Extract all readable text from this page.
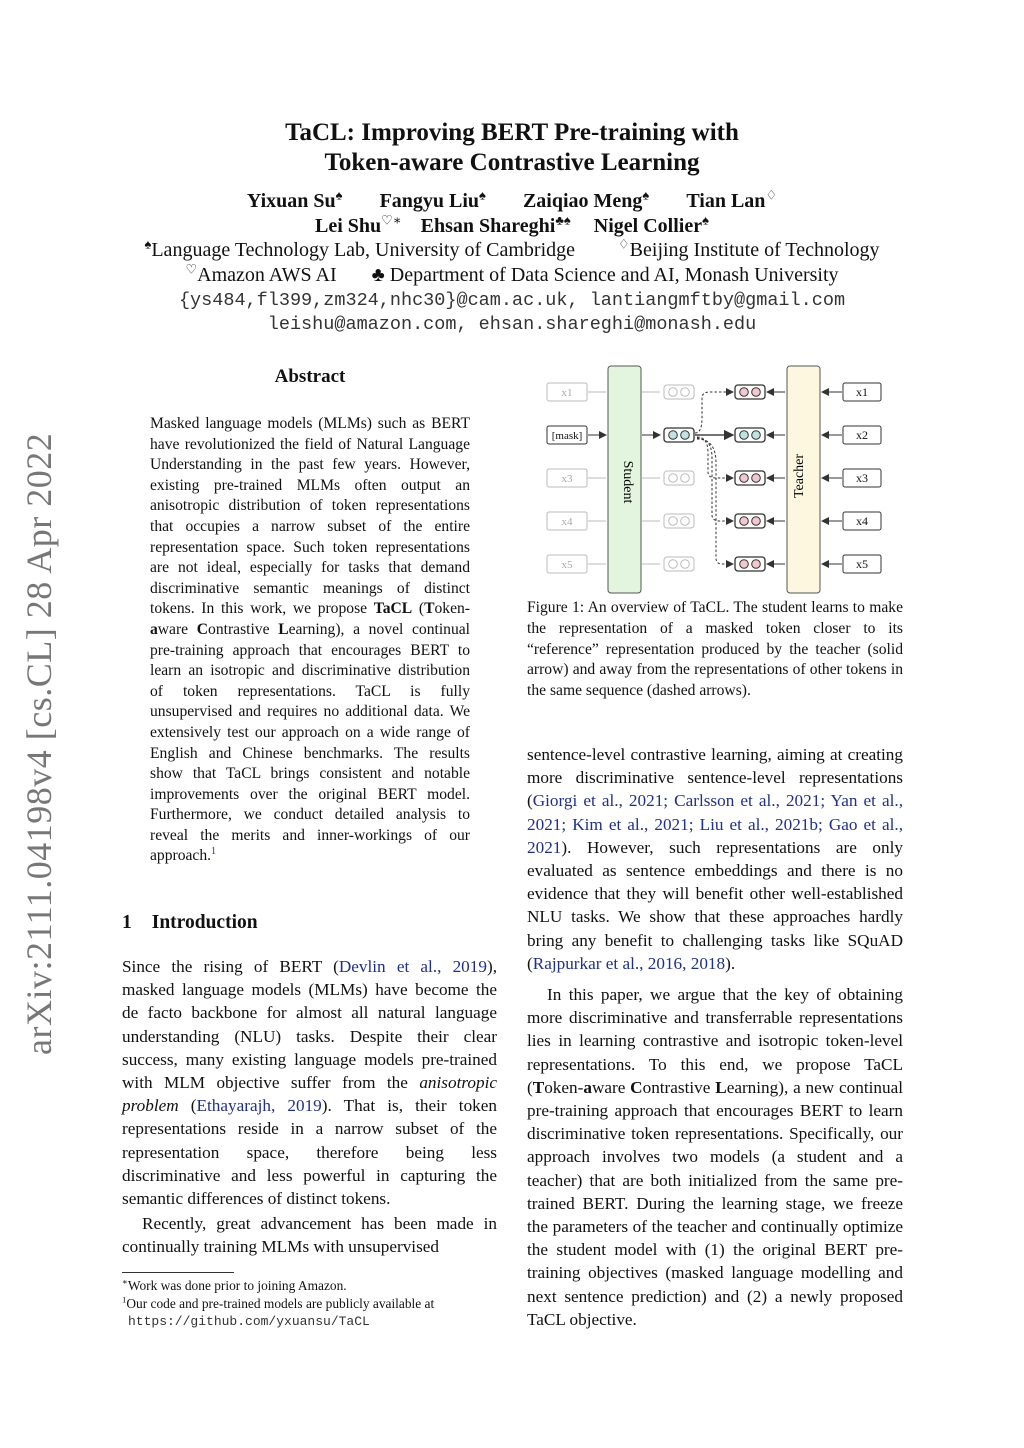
TaCL: Improving BERT Pre-training with
Token-aware Contrastive Learning
Yixuan Su♠ Fangyu Liu♠ Zaiqiao Meng♠ Tian Lan♢
Lei Shu♡∗ Ehsan Shareghi♣♠ Nigel Collier♠
♠Language Technology Lab, University of Cambridge	♢Beijing Institute of Technology
♡Amazon AWS AI ♣ Department of Data Science and AI, Monash University
{ys484,fl399,zm324,nhc30}@cam.ac.uk, lantiangmftby@gmail.com
leishu@amazon.com, ehsan.shareghi@monash.edu
arXiv:2111.04198v4 [cs.CL] 28 Apr 2022
Abstract
Masked language models (MLMs) such as BERT have revolutionized the field of Natural Language Understanding in the past few years. However, existing pre-trained MLMs often output an anisotropic distribution of token representations that occupies a narrow subset of the entire representation space. Such token representations are not ideal, especially for tasks that demand discriminative semantic meanings of distinct tokens. In this work, we propose TaCL (Token-aware Contrastive Learning), a novel continual pre-training approach that encourages BERT to learn an isotropic and discriminative distribution of token representations. TaCL is fully unsupervised and requires no additional data. We extensively test our approach on a wide range of English and Chinese benchmarks. The results show that TaCL brings consistent and notable improvements over the original BERT model. Furthermore, we conduct detailed analysis to reveal the merits and inner-workings of our approach.$^1$
1 Introduction

Since the rising of BERT (Devlin et al., 2019), masked language models (MLMs) have become the de facto backbone for almost all natural language understanding (NLU) tasks. Despite their clear success, many existing language models pre-trained with MLM objective suffer from the anisotropic problem (Ethayarajh, 2019). That is, their token representations reside in a narrow subset of the representation space, therefore being less discriminative and less powerful in capturing the semantic differences of distinct tokens.

Recently, great advancement has been made in continually training MLMs with unsupervised

sentence-level contrastive learning, aiming at creating more discriminative sentence-level representations (Giorgi et al., 2021; Carlsson et al., 2021; Yan et al., 2021; Kim et al., 2021; Liu et al., 2021b; Gao et al., 2021). However, such representations are only evaluated as sentence embeddings and there is no evidence that they will benefit other well-established NLU tasks. We show that these approaches hardly bring any benefit to challenging tasks like SQuAD (Rajpurkar et al., 2016, 2018).

In this paper, we argue that the key of obtaining more discriminative and transferrable representations lies in learning contrastive and isotropic token-level representations. To this end, we propose TaCL (Token-aware Contrastive Learning), a new continual pre-training approach that encourages BERT to learn discriminative token representations. Specifically, our approach involves two models (a student and a teacher) that are both initialized from the same pre-trained BERT. During the learning stage, we freeze the parameters of the teacher and continually optimize the student model with (1) the original BERT pre-training objectives (masked language modelling and next sentence prediction) and (2) a newly proposed TaCL objective.

Student	Teacher
x1	x1
[mask]	x2
x3	x3
x4	x4
x5	x5
Figure 1: An overview of TaCL. The student learns to make the representation of a masked token closer to its “reference” representation produced by the teacher (solid arrow) and away from the representations of other tokens in the same sequence (dashed arrows).
∗Work was done prior to joining Amazon.
$^1$Our code and pre-trained models are publicly available at
https://github.com/yxuansu/TaCL
